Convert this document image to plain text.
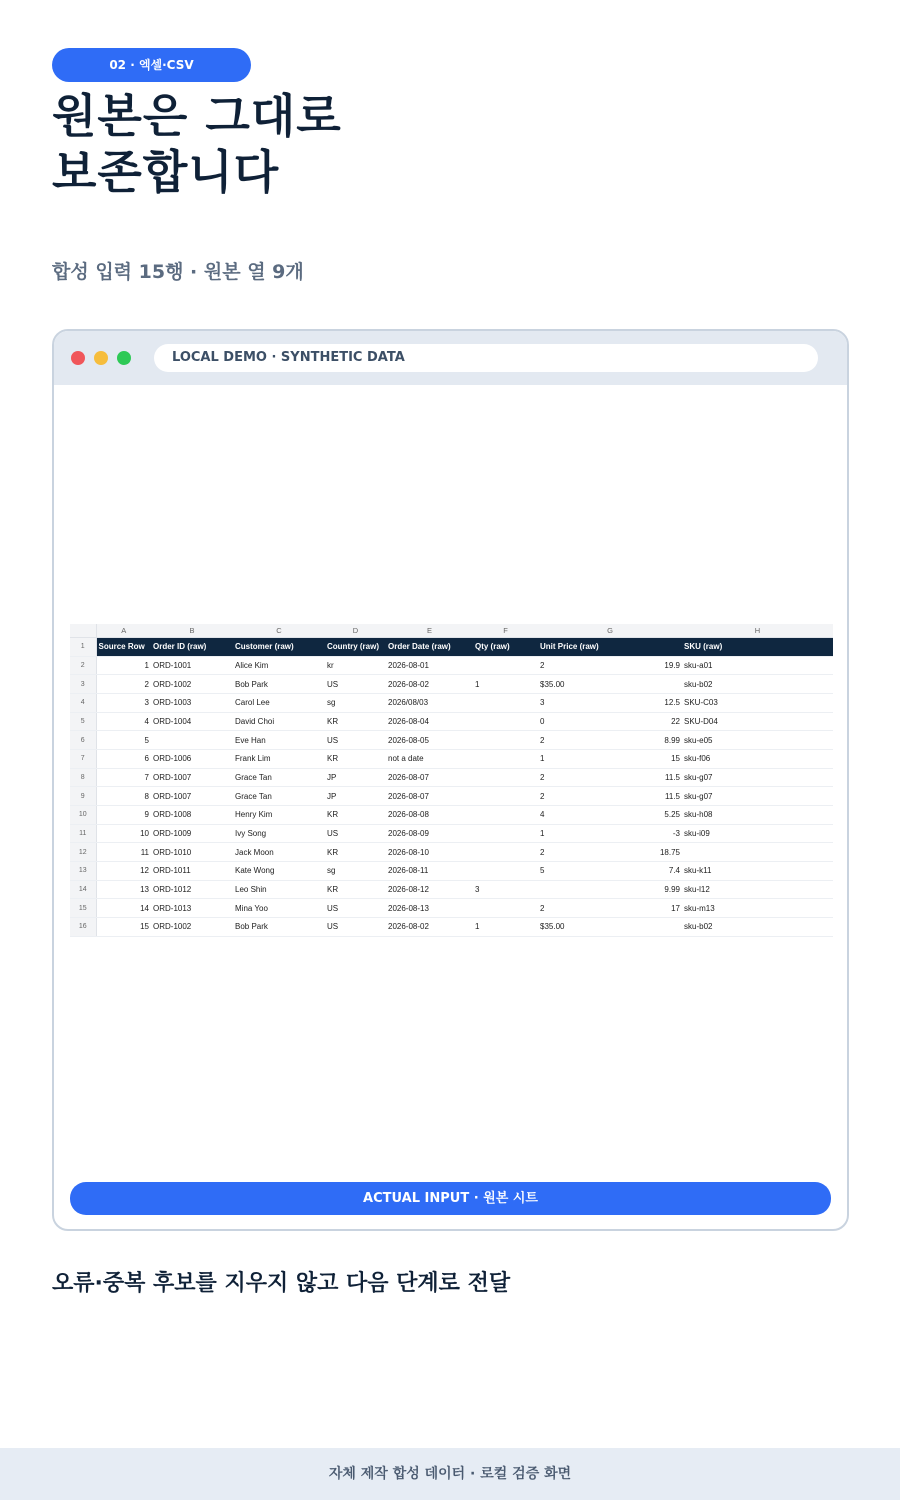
02 · 엑셀·CSV
원본은 그대로
보존합니다
합성 입력 15행 · 원본 열 9개
LOCAL DEMO · SYNTHETIC DATA
	A	B	C	D	E	F	G		H	
1	Source Row	Order ID (raw)	Customer (raw)	Country (raw)	Order Date (raw)	Qty (raw)	Unit Price (raw)		SKU (raw)	
2	1	ORD-1001	Alice Kim	kr	2026-08-01		2	19.9	sku-a01	
3	2	ORD-1002	Bob Park	US	2026-08-02	1	$35.00		sku-b02	
4	3	ORD-1003	Carol Lee	sg	2026/08/03		3	12.5	SKU-C03	
5	4	ORD-1004	David Choi	KR	2026-08-04		0	22	SKU-D04	
6	5		Eve Han	US	2026-08-05		2	8.99	sku-e05	
7	6	ORD-1006	Frank Lim	KR	not a date		1	15	sku-f06	
8	7	ORD-1007	Grace Tan	JP	2026-08-07		2	11.5	sku-g07	
9	8	ORD-1007	Grace Tan	JP	2026-08-07		2	11.5	sku-g07	
10	9	ORD-1008	Henry Kim	KR	2026-08-08		4	5.25	sku-h08	
11	10	ORD-1009	Ivy Song	US	2026-08-09		1	-3	sku-i09	
12	11	ORD-1010	Jack Moon	KR	2026-08-10		2	18.75		
13	12	ORD-1011	Kate Wong	sg	2026-08-11		5	7.4	sku-k11	
14	13	ORD-1012	Leo Shin	KR	2026-08-12	3		9.99	sku-l12	
15	14	ORD-1013	Mina Yoo	US	2026-08-13		2	17	sku-m13	
16	15	ORD-1002	Bob Park	US	2026-08-02	1	$35.00		sku-b02	
ACTUAL INPUT · 원본 시트
오류·중복 후보를 지우지 않고 다음 단계로 전달
자체 제작 합성 데이터 · 로컬 검증 화면
